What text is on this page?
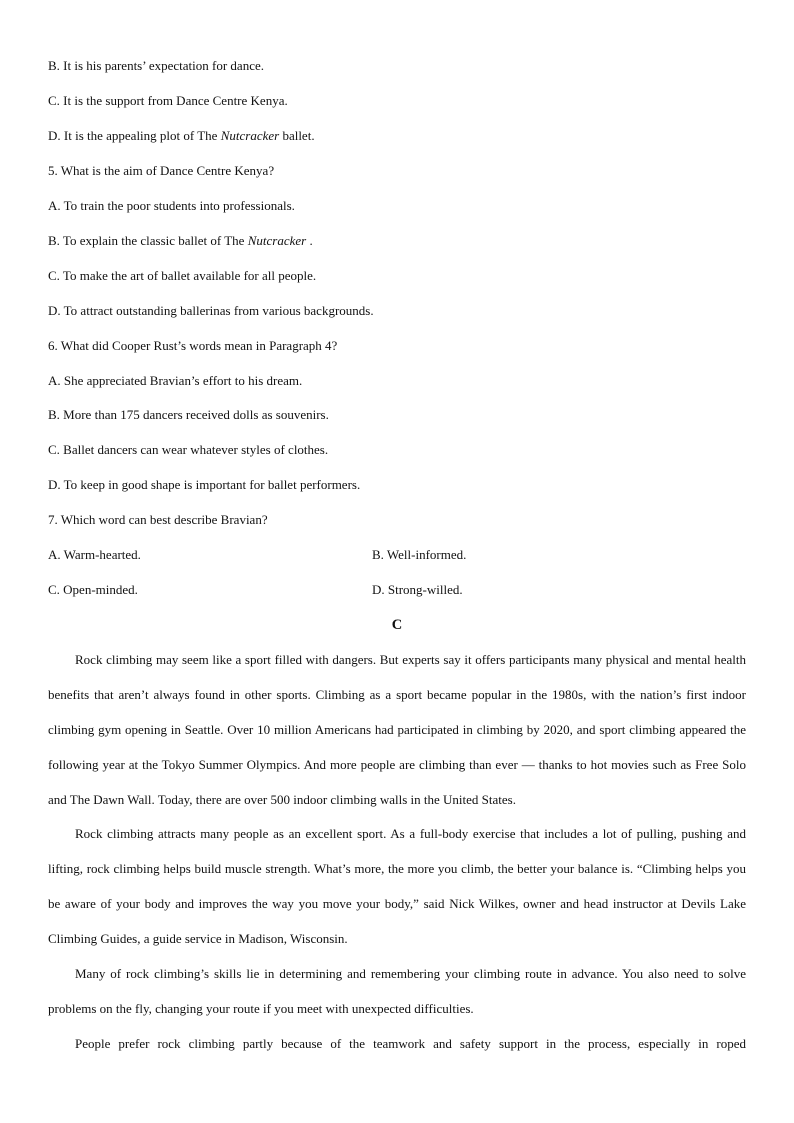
B. It is his parents’ expectation for dance.
C. It is the support from Dance Centre Kenya.
D. It is the appealing plot of The Nutcracker ballet.
5. What is the aim of Dance Centre Kenya?
A. To train the poor students into professionals.
B. To explain the classic ballet of The Nutcracker .
C. To make the art of ballet available for all people.
D. To attract outstanding ballerinas from various backgrounds.
6. What did Cooper Rust’s words mean in Paragraph 4?
A. She appreciated Bravian’s effort to his dream.
B. More than 175 dancers received dolls as souvenirs.
C. Ballet dancers can wear whatever styles of clothes.
D. To keep in good shape is important for ballet performers.
7. Which word can best describe Bravian?
A. Warm-hearted.	B. Well-informed.
C. Open-minded.	D. Strong-willed.
C

Rock climbing may seem like a sport filled with dangers. But experts say it offers participants many physical and mental health benefits that aren’t always found in other sports. Climbing as a sport became popular in the 1980s, with the nation’s first indoor climbing gym opening in Seattle. Over 10 million Americans had participated in climbing by 2020, and sport climbing appeared the following year at the Tokyo Summer Olympics. And more people are climbing than ever — thanks to hot movies such as Free Solo and The Dawn Wall. Today, there are over 500 indoor climbing walls in the United States.

Rock climbing attracts many people as an excellent sport. As a full-body exercise that includes a lot of pulling, pushing and lifting, rock climbing helps build muscle strength. What’s more, the more you climb, the better your balance is. “Climbing helps you be aware of your body and improves the way you move your body,” said Nick Wilkes, owner and head instructor at Devils Lake Climbing Guides, a guide service in Madison, Wisconsin.

Many of rock climbing’s skills lie in determining and remembering your climbing route in advance. You also need to solve problems on the fly, changing your route if you meet with unexpected difficulties.

People prefer rock climbing partly because of the teamwork and safety support in the process, especially in roped
